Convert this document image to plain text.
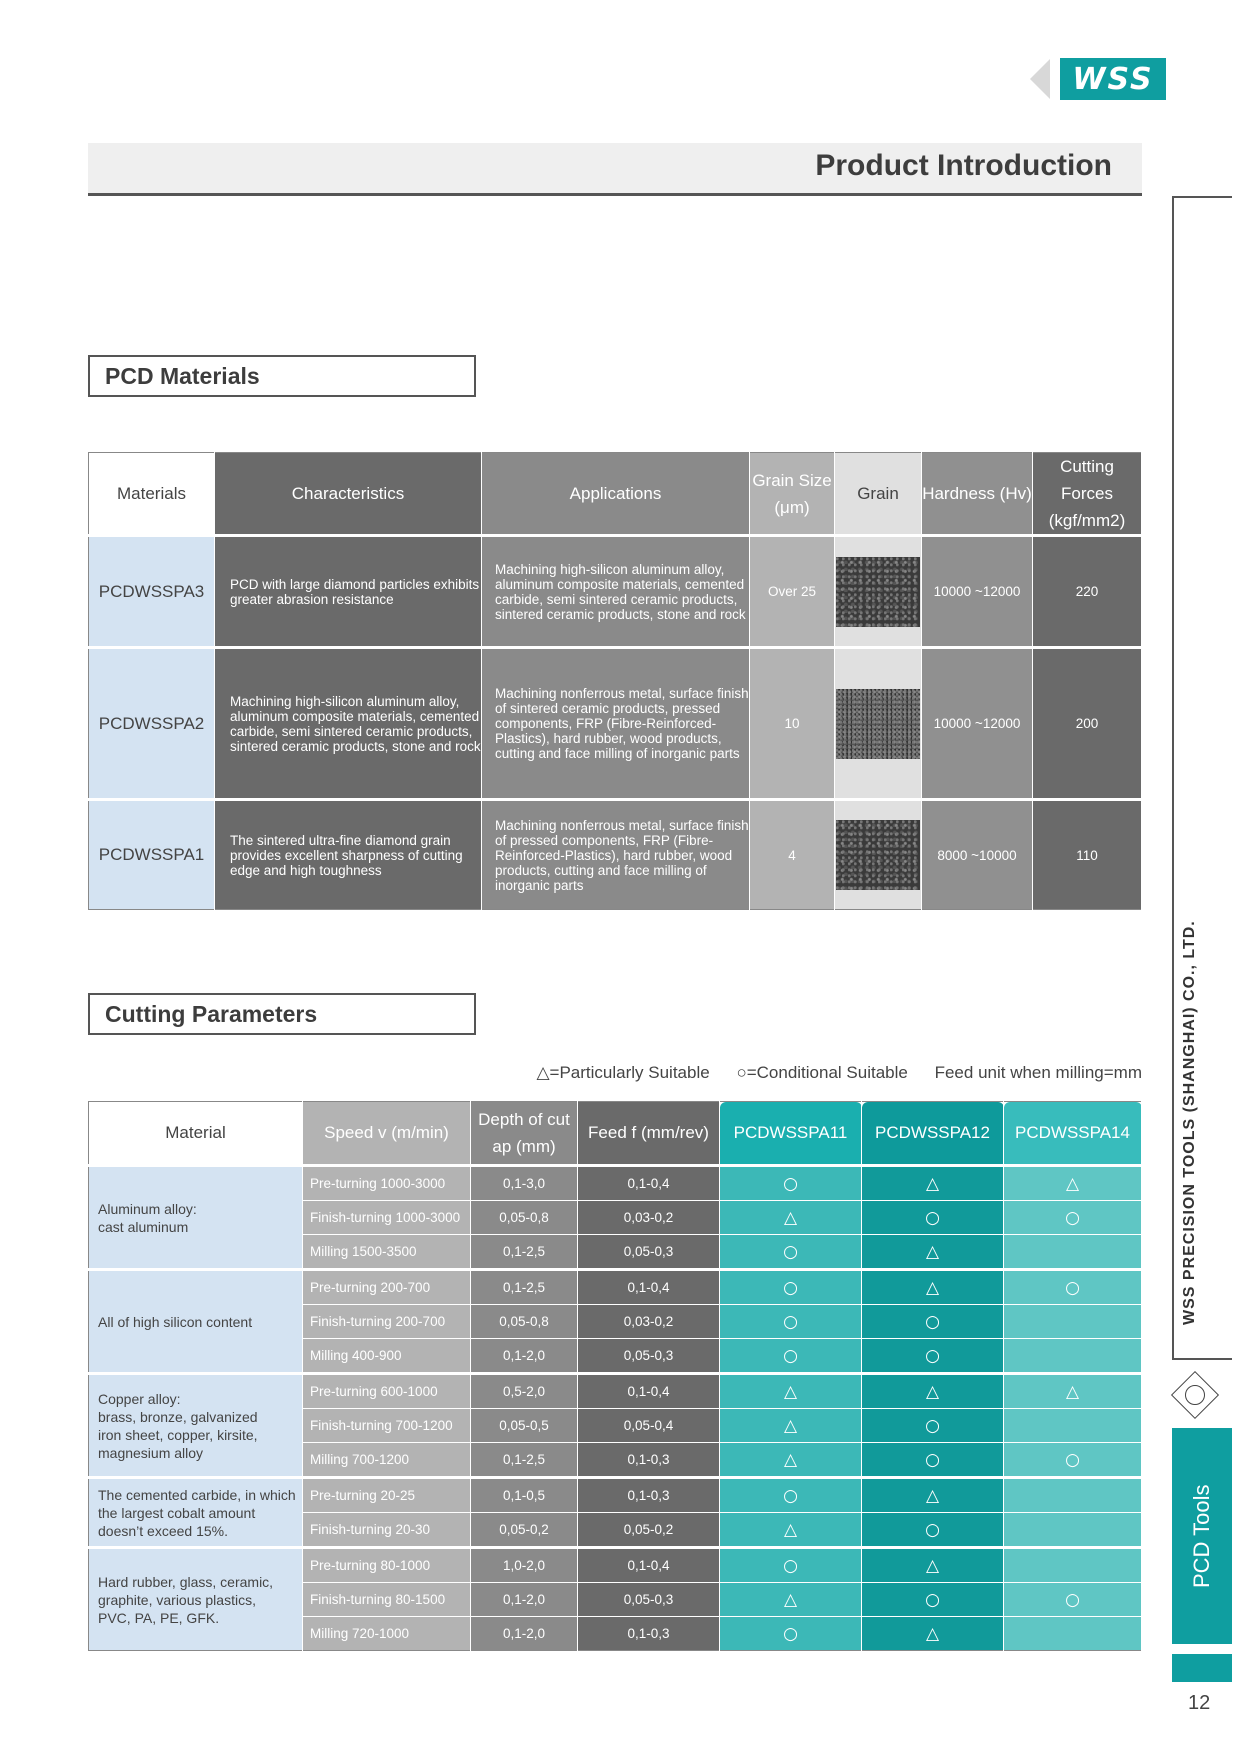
WSS
Product Introduction
PCD Materials
Materials	Characteristics	Applications	Grain Size (μm)	Grain	Hardness (Hv)	Cutting Forces (kgf/mm2)
PCDWSSPA3	PCD with large diamond particles exhibits greater abrasion resistance	Machining high-silicon aluminum alloy, aluminum composite materials, cemented carbide, semi sintered ceramic products, sintered ceramic products, stone and rock	Over 25		10000 ~12000	220
PCDWSSPA2	Machining high-silicon aluminum alloy, aluminum composite materials, cemented carbide, semi sintered ceramic products, sintered ceramic products, stone and rock	Machining nonferrous metal, surface finish of sintered ceramic products, pressed components, FRP (Fibre-Reinforced-Plastics), hard rubber, wood products, cutting and face milling of inorganic parts	10		10000 ~12000	200
PCDWSSPA1	The sintered ultra-fine diamond grain provides excellent sharpness of cutting edge and high toughness	Machining nonferrous metal, surface finish of pressed components, FRP (Fibre-Reinforced-Plastics), hard rubber, wood products, cutting and face milling of inorganic parts	4		8000 ~10000	110
Cutting Parameters
△=Particularly Suitable ○=Conditional Suitable Feed unit when milling=mm
Material	Speed v (m/min)	Depth of cut ap (mm)	Feed f (mm/rev)	PCDWSSPA11	PCDWSSPA12	PCDWSSPA14
Aluminum alloy:
cast aluminum	Pre-turning 1000-3000	0,1-3,0	0,1-0,4	○	△	△
	Finish-turning 1000-3000	0,05-0,8	0,03-0,2	△	○	○
	Milling 1500-3500	0,1-2,5	0,05-0,3	○	△	
All of high silicon content	Pre-turning 200-700	0,1-2,5	0,1-0,4	○	△	○
	Finish-turning 200-700	0,05-0,8	0,03-0,2	○	○	
	Milling 400-900	0,1-2,0	0,05-0,3	○	○	
Copper alloy:
brass, bronze, galvanized
iron sheet, copper, kirsite,
magnesium alloy	Pre-turning 600-1000	0,5-2,0	0,1-0,4	△	△	△
	Finish-turning 700-1200	0,05-0,5	0,05-0,4	△	○	
	Milling 700-1200	0,1-2,5	0,1-0,3	△	○	○
The cemented carbide, in which
the largest cobalt amount
doesn’t exceed 15%.	Pre-turning 20-25	0,1-0,5	0,1-0,3	○	△	
	Finish-turning 20-30	0,05-0,2	0,05-0,2	△	○	
Hard rubber, glass, ceramic,
graphite, various plastics,
PVC, PA, PE, GFK.	Pre-turning 80-1000	1,0-2,0	0,1-0,4	○	△	
	Finish-turning 80-1500	0,1-2,0	0,05-0,3	△	○	○
	Milling 720-1000	0,1-2,0	0,1-0,3	○	△	
WSS PRECISION TOOLS (SHANGHAI) CO., LTD.
PCD Tools
12
